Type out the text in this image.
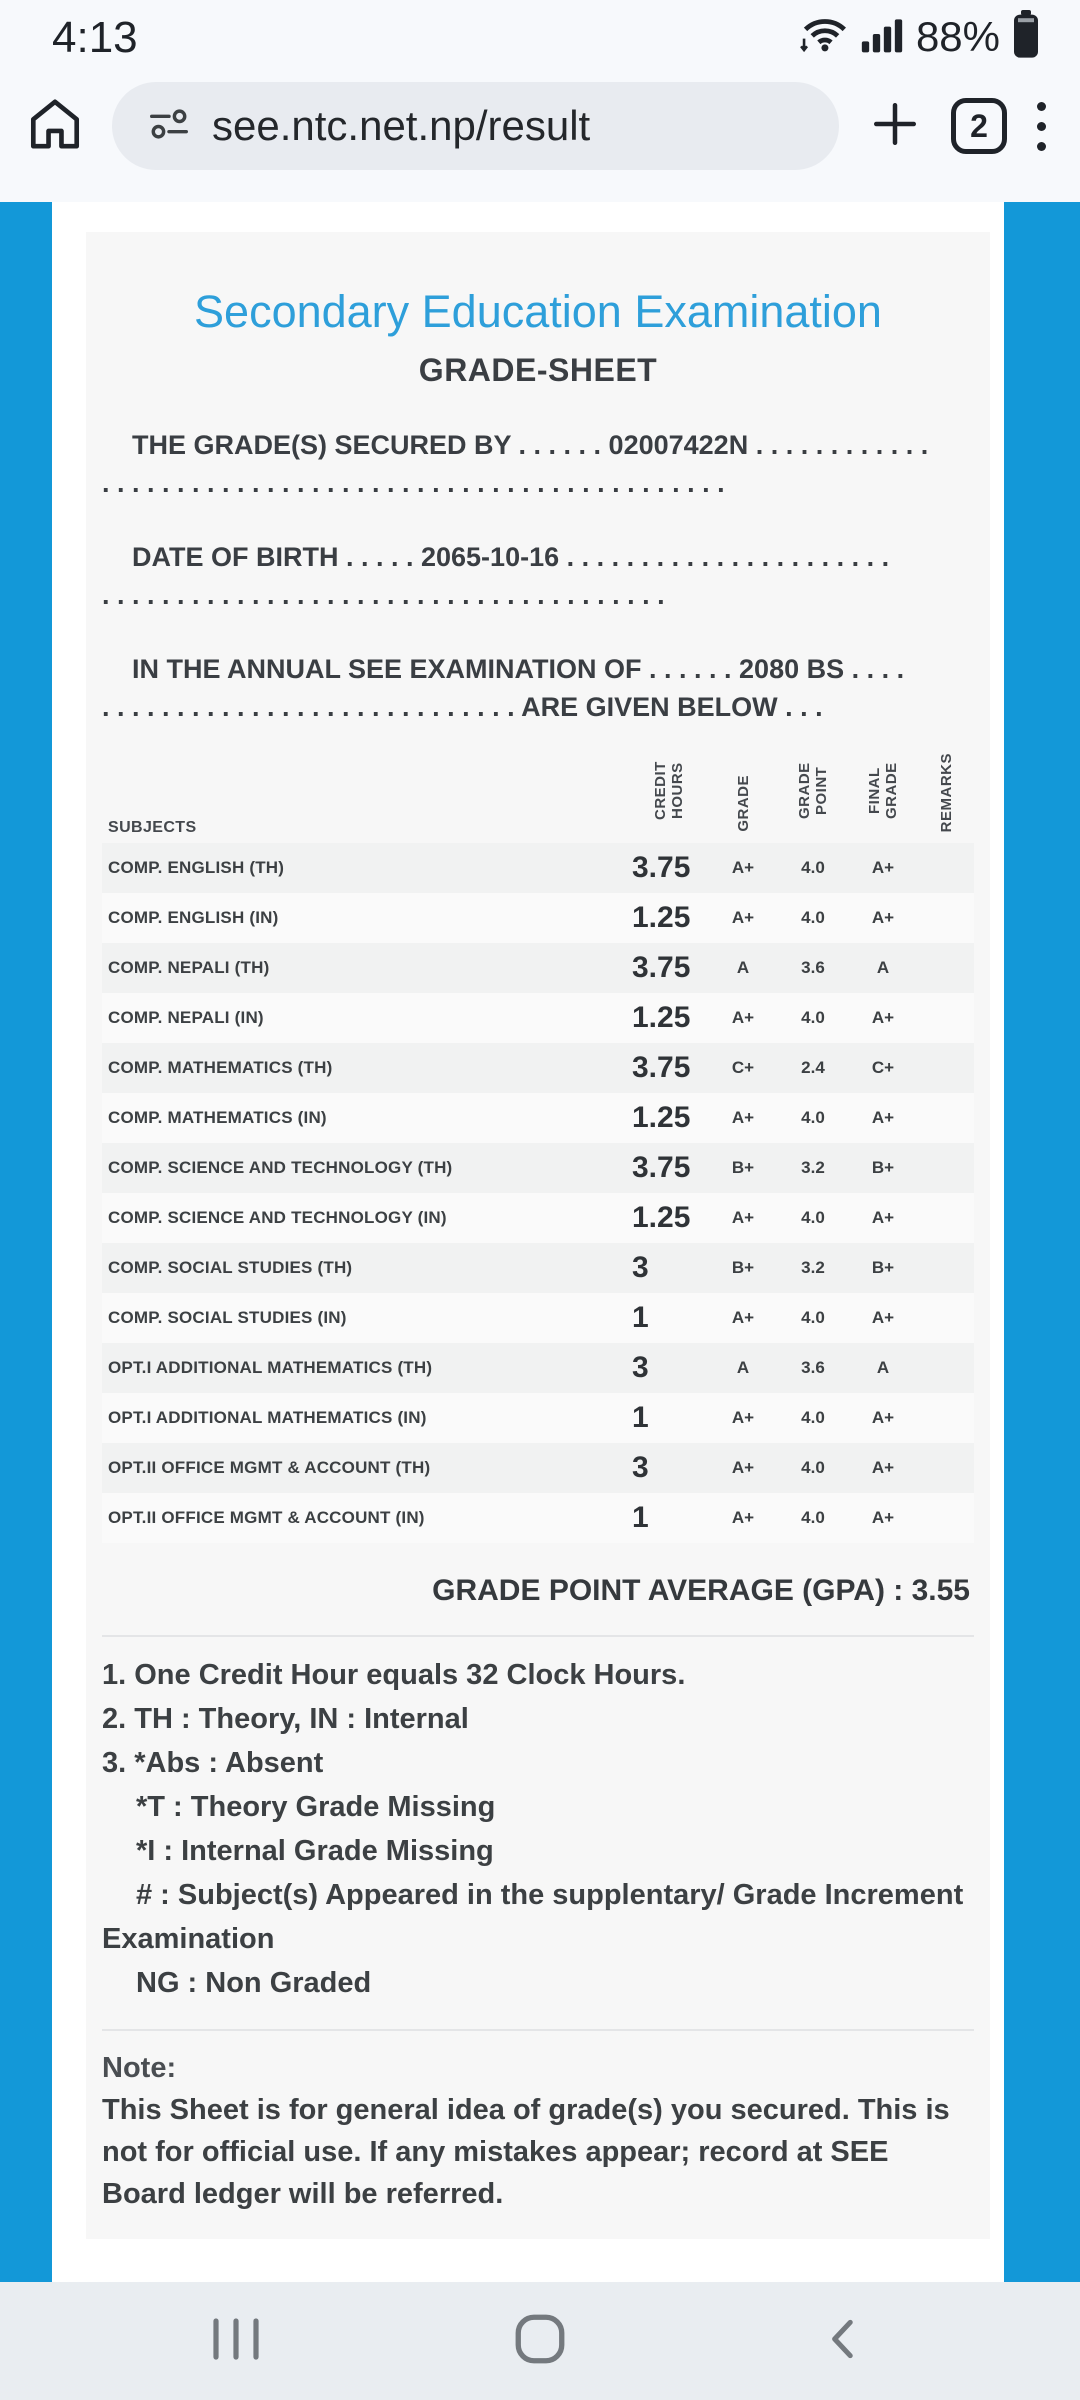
4:13	88%
see.ntc.net.np/result	2
Secondary Education Examination
GRADE-SHEET

THE GRADE(S) SECURED BY . . . . . . 02007422N . . . . . . . . . . . .
. . . . . . . . . . . . . . . . . . . . . . . . . . . . . . . . . . . . . . . . . .

DATE OF BIRTH . . . . . 2065-10-16 . . . . . . . . . . . . . . . . . . . . . .
. . . . . . . . . . . . . . . . . . . . . . . . . . . . . . . . . . . . . .

IN THE ANNUAL SEE EXAMINATION OF . . . . . . 2080 BS . . . .
. . . . . . . . . . . . . . . . . . . . . . . . . . . . ARE GIVEN BELOW . . .

SUBJECTS	CREDIT HOURS	GRADE	GRADE POINT	FINAL GRADE	REMARKS
COMP. ENGLISH (TH)	3.75	A+	4.0	A+	
COMP. ENGLISH (IN)	1.25	A+	4.0	A+	
COMP. NEPALI (TH)	3.75	A	3.6	A	
COMP. NEPALI (IN)	1.25	A+	4.0	A+	
COMP. MATHEMATICS (TH)	3.75	C+	2.4	C+	
COMP. MATHEMATICS (IN)	1.25	A+	4.0	A+	
COMP. SCIENCE AND TECHNOLOGY (TH)	3.75	B+	3.2	B+	
COMP. SCIENCE AND TECHNOLOGY (IN)	1.25	A+	4.0	A+	
COMP. SOCIAL STUDIES (TH)	3	B+	3.2	B+	
COMP. SOCIAL STUDIES (IN)	1	A+	4.0	A+	
OPT.I ADDITIONAL MATHEMATICS (TH)	3	A	3.6	A	
OPT.I ADDITIONAL MATHEMATICS (IN)	1	A+	4.0	A+	
OPT.II OFFICE MGMT & ACCOUNT (TH)	3	A+	4.0	A+	
OPT.II OFFICE MGMT & ACCOUNT (IN)	1	A+	4.0	A+	
GRADE POINT AVERAGE (GPA) : 3.55
1. One Credit Hour equals 32 Clock Hours.
2. TH : Theory, IN : Internal
3. *Abs : Absent
*T : Theory Grade Missing
*I : Internal Grade Missing
# : Subject(s) Appeared in the supplentary/ Grade Increment Examination
NG : Non Graded
Note:
This Sheet is for general idea of grade(s) you secured. This is not for official use. If any mistakes appear; record at SEE Board ledger will be referred.
